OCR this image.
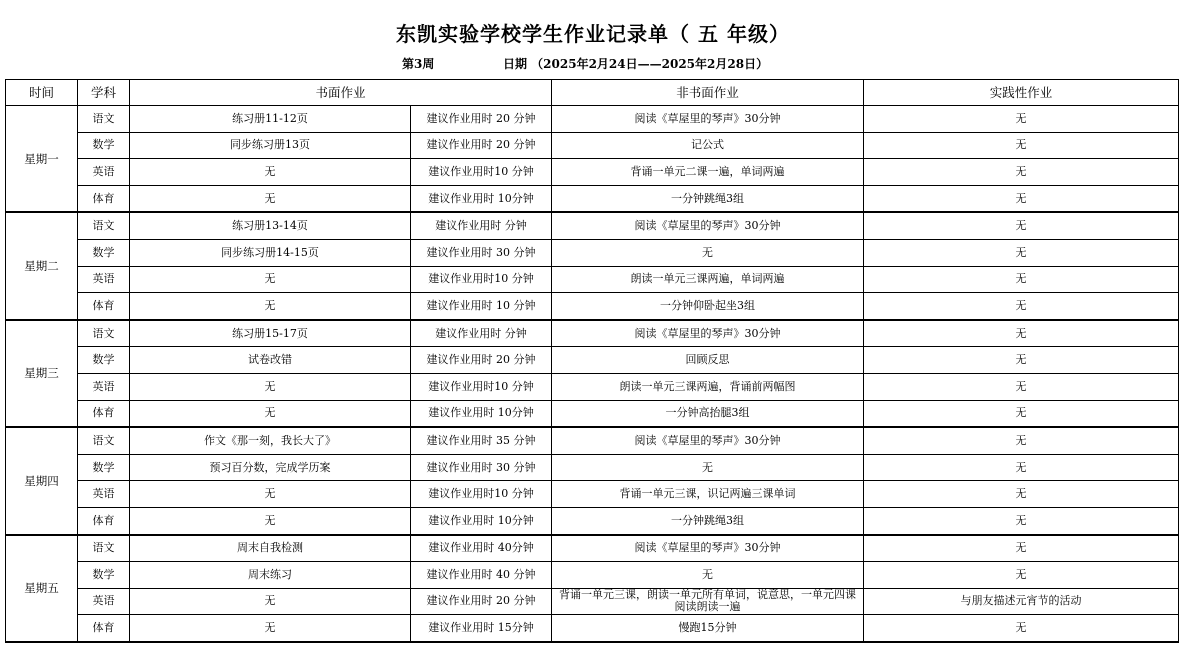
东凯实验学校学生作业记录单（ 五 年级）
第3周	日期 （2025年2月24日——2025年2月28日）
时间	学科	书面作业		非书面作业	实践性作业
星期一	语文	练习册11-12页	建议作业用时 20 分钟	阅读《草屋里的琴声》30分钟	无
	数学	同步练习册13页	建议作业用时 20 分钟	记公式	无
	英语	无	建议作业用时10 分钟	背诵一单元二课一遍，单词两遍	无
	体育	无	建议作业用时 10分钟	一分钟跳绳3组	无
星期二	语文	练习册13-14页	建议作业用时 分钟	阅读《草屋里的琴声》30分钟	无
	数学	同步练习册14-15页	建议作业用时 30 分钟	无	无
	英语	无	建议作业用时10 分钟	朗读一单元三课两遍，单词两遍	无
	体育	无	建议作业用时 10 分钟	一分钟仰卧起坐3组	无
星期三	语文	练习册15-17页	建议作业用时 分钟	阅读《草屋里的琴声》30分钟	无
	数学	试卷改错	建议作业用时 20 分钟	回顾反思	无
	英语	无	建议作业用时10 分钟	朗读一单元三课两遍，背诵前两幅图	无
	体育	无	建议作业用时 10分钟	一分钟高抬腿3组	无
星期四	语文	作文《那一刻，我长大了》	建议作业用时 35 分钟	阅读《草屋里的琴声》30分钟	无
	数学	预习百分数，完成学历案	建议作业用时 30 分钟	无	无
	英语	无	建议作业用时10 分钟	背诵一单元三课，识记两遍三课单词	无
	体育	无	建议作业用时 10分钟	一分钟跳绳3组	无
星期五	语文	周末自我检测	建议作业用时 40分钟	阅读《草屋里的琴声》30分钟	无
	数学	周末练习	建议作业用时 40 分钟	无	无
	英语	无	建议作业用时 20 分钟	背诵一单元三课，朗读一单元所有单词，说意思，一单元四课阅读朗读一遍	与朋友描述元宵节的活动
	体育	无	建议作业用时 15分钟	慢跑15分钟	无
